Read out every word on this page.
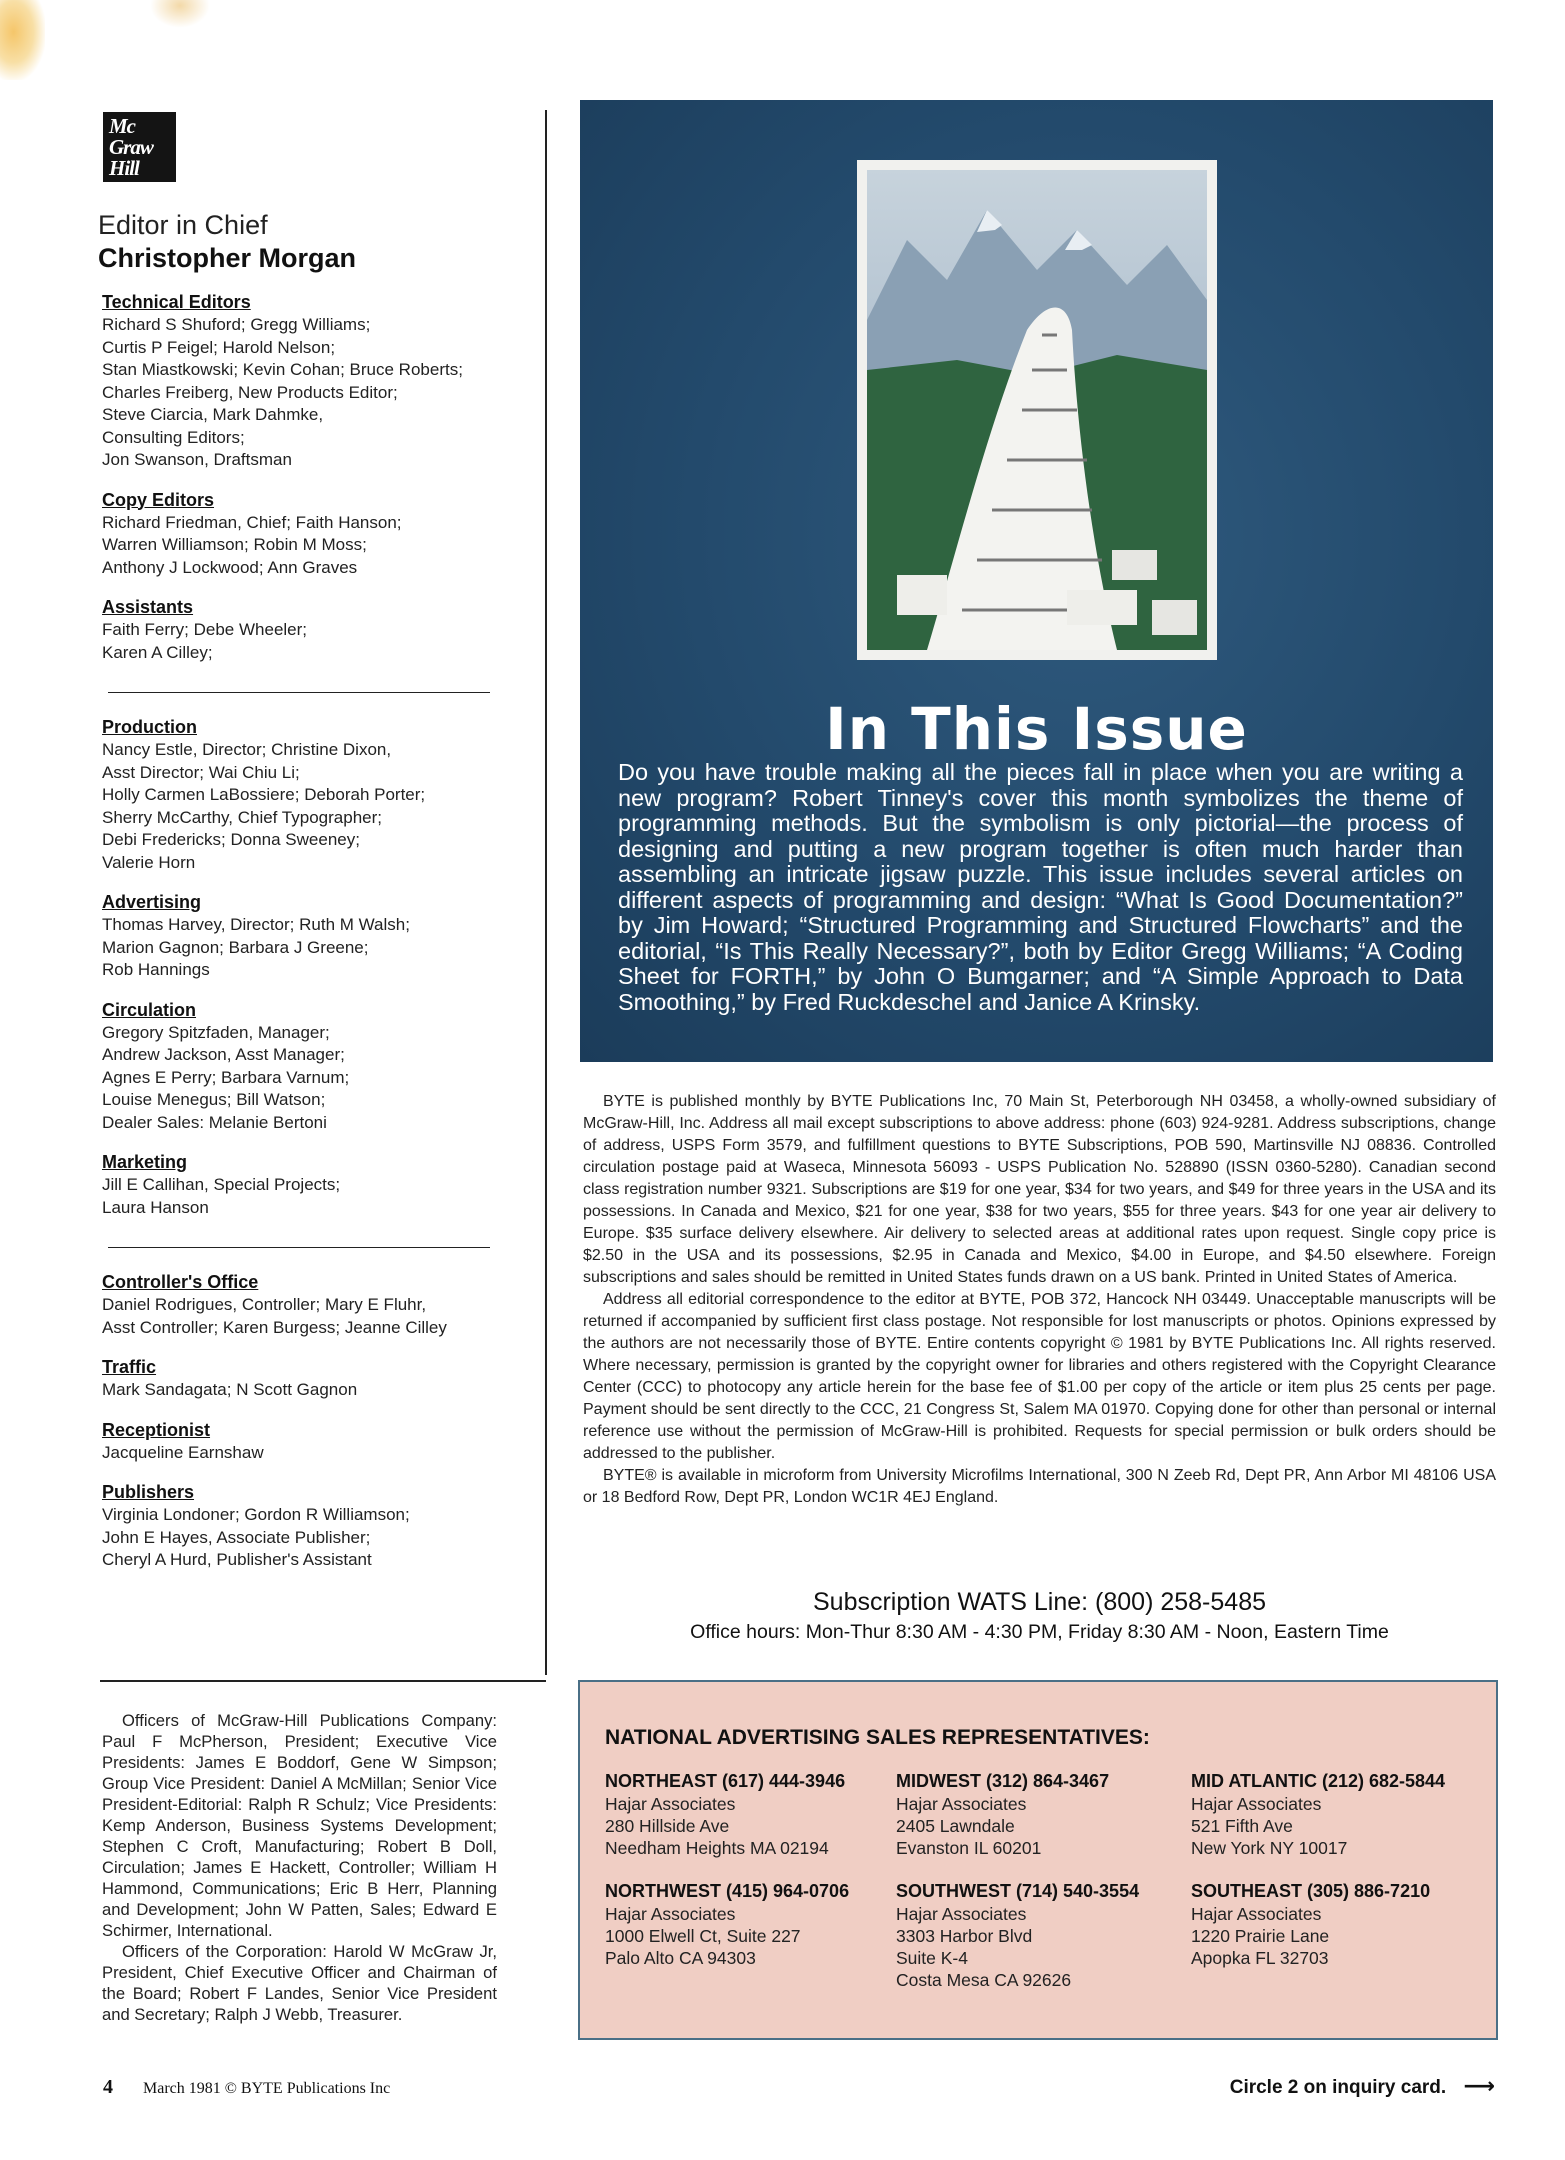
Mc
Graw
Hill

Editor in Chief

Christopher Morgan

Technical Editors

Richard S Shuford; Gregg Williams;
Curtis P Feigel; Harold Nelson;
Stan Miastkowski; Kevin Cohan; Bruce Roberts;
Charles Freiberg, New Products Editor;
Steve Ciarcia, Mark Dahmke,
Consulting Editors;
Jon Swanson, Draftsman

Copy Editors

Richard Friedman, Chief; Faith Hanson;
Warren Williamson; Robin M Moss;
Anthony J Lockwood; Ann Graves

Assistants

Faith Ferry; Debe Wheeler;
Karen A Cilley;

Production

Nancy Estle, Director; Christine Dixon,
Asst Director; Wai Chiu Li;
Holly Carmen LaBossiere; Deborah Porter;
Sherry McCarthy, Chief Typographer;
Debi Fredericks; Donna Sweeney;
Valerie Horn

Advertising

Thomas Harvey, Director; Ruth M Walsh;
Marion Gagnon; Barbara J Greene;
Rob Hannings

Circulation

Gregory Spitzfaden, Manager;
Andrew Jackson, Asst Manager;
Agnes E Perry; Barbara Varnum;
Louise Menegus; Bill Watson;
Dealer Sales: Melanie Bertoni

Marketing

Jill E Callihan, Special Projects;
Laura Hanson

Controller's Office

Daniel Rodrigues, Controller; Mary E Fluhr,
Asst Controller; Karen Burgess; Jeanne Cilley

Traffic

Mark Sandagata; N Scott Gagnon

Receptionist

Jacqueline Earnshaw

Publishers

Virginia Londoner; Gordon R Williamson;
John E Hayes, Associate Publisher;
Cheryl A Hurd, Publisher's Assistant

Officers of McGraw-Hill Publications Company: Paul F McPherson, President; Executive Vice Presidents: James E Boddorf, Gene W Simpson; Group Vice President: Daniel A McMillan; Senior Vice President-Editorial: Ralph R Schulz; Vice Presidents: Kemp Anderson, Business Systems Development; Stephen C Croft, Manufacturing; Robert B Doll, Circulation; James E Hackett, Controller; William H Hammond, Communications; Eric B Herr, Planning and Development; John W Patten, Sales; Edward E Schirmer, International.

Officers of the Corporation: Harold W McGraw Jr, President, Chief Executive Officer and Chairman of the Board; Robert F Landes, Senior Vice President and Secretary; Ralph J Webb, Treasurer.

In This Issue

Do you have trouble making all the pieces fall in place when you are writing a new program? Robert Tinney's cover this month symbolizes the theme of programming methods. But the symbolism is only pictorial—the process of designing and putting a new program together is often much harder than assembling an intricate jigsaw puzzle. This issue includes several articles on different aspects of programming and design: “What Is Good Documentation?” by Jim Howard; “Structured Programming and Structured Flowcharts” and the editorial, “Is This Really Necessary?”, both by Editor Gregg Williams; “A Coding Sheet for FORTH,” by John O Bumgarner; and “A Simple Approach to Data Smoothing,” by Fred Ruckdeschel and Janice A Krinsky.

BYTE is published monthly by BYTE Publications Inc, 70 Main St, Peterborough NH 03458, a wholly-owned subsidiary of McGraw-Hill, Inc. Address all mail except subscriptions to above address: phone (603) 924-9281. Address subscriptions, change of address, USPS Form 3579, and fulfillment questions to BYTE Subscriptions, POB 590, Martinsville NJ 08836. Controlled circulation postage paid at Waseca, Minnesota 56093 - USPS Publication No. 528890 (ISSN 0360-5280). Canadian second class registration number 9321. Subscriptions are $19 for one year, $34 for two years, and $49 for three years in the USA and its possessions. In Canada and Mexico, $21 for one year, $38 for two years, $55 for three years. $43 for one year air delivery to Europe. $35 surface delivery elsewhere. Air delivery to selected areas at additional rates upon request. Single copy price is $2.50 in the USA and its possessions, $2.95 in Canada and Mexico, $4.00 in Europe, and $4.50 elsewhere. Foreign subscriptions and sales should be remitted in United States funds drawn on a US bank. Printed in United States of America.

Address all editorial correspondence to the editor at BYTE, POB 372, Hancock NH 03449. Unacceptable manuscripts will be returned if accompanied by sufficient first class postage. Not responsible for lost manuscripts or photos. Opinions expressed by the authors are not necessarily those of BYTE. Entire contents copyright © 1981 by BYTE Publications Inc. All rights reserved. Where necessary, permission is granted by the copyright owner for libraries and others registered with the Copyright Clearance Center (CCC) to photocopy any article herein for the base fee of $1.00 per copy of the article or item plus 25 cents per page. Payment should be sent directly to the CCC, 21 Congress St, Salem MA 01970. Copying done for other than personal or internal reference use without the permission of McGraw-Hill is prohibited. Requests for special permission or bulk orders should be addressed to the publisher.

BYTE® is available in microform from University Microfilms International, 300 N Zeeb Rd, Dept PR, Ann Arbor MI 48106 USA or 18 Bedford Row, Dept PR, London WC1R 4EJ England.

Subscription WATS Line: (800) 258-5485

Office hours: Mon-Thur 8:30 AM - 4:30 PM, Friday 8:30 AM - Noon, Eastern Time

NATIONAL ADVERTISING SALES REPRESENTATIVES:
NORTHEAST (617) 444-3946
Hajar Associates
280 Hillside Ave
Needham Heights MA 02194
MIDWEST (312) 864-3467
Hajar Associates
2405 Lawndale
Evanston IL 60201
MID ATLANTIC (212) 682-5844
Hajar Associates
521 Fifth Ave
New York NY 10017
NORTHWEST (415) 964-0706
Hajar Associates
1000 Elwell Ct, Suite 227
Palo Alto CA 94303
SOUTHWEST (714) 540-3554
Hajar Associates
3303 Harbor Blvd
Suite K-4
Costa Mesa CA 92626
SOUTHEAST (305) 886-7210
Hajar Associates
1220 Prairie Lane
Apopka FL 32703
4 March 1981 © BYTE Publications Inc	Circle 2 on inquiry card. ⟶
